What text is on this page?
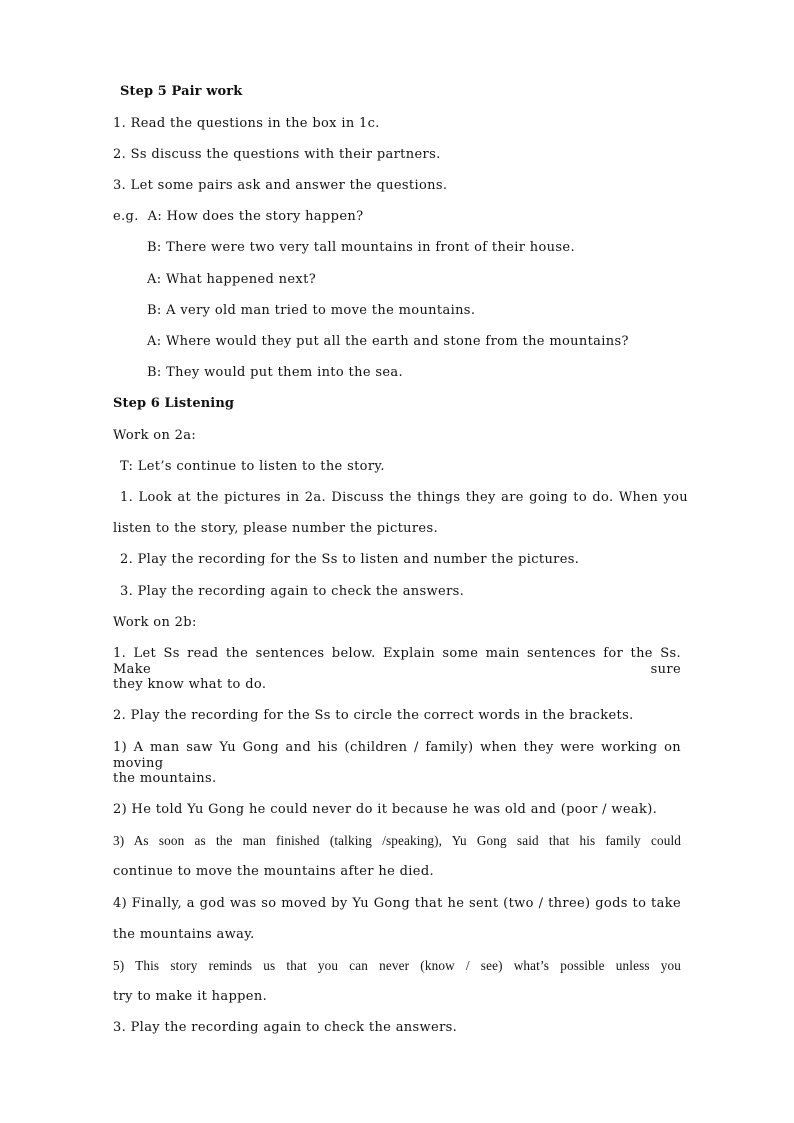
Step 5 Pair work
1. Read the questions in the box in 1c.
2. Ss discuss the questions with their partners.
3. Let some pairs ask and answer the questions.
e.g.  A: How does the story happen?
B: There were two very tall mountains in front of their house.
A: What happened next?
B: A very old man tried to move the mountains.
A: Where would they put all the earth and stone from the mountains?
B: They would put them into the sea.
Step 6 Listening
Work on 2a:
T: Let’s continue to listen to the story.
1. Look at the pictures in 2a. Discuss the things they are going to do. When you
listen to the story, please number the pictures.
2. Play the recording for the Ss to listen and number the pictures.
3. Play the recording again to check the answers.
Work on 2b:
1. Let Ss read the sentences below. Explain some main sentences for the Ss. Make sure
they know what to do.
2. Play the recording for the Ss to circle the correct words in the brackets.
1) A man saw Yu Gong and his (children / family) when they were working on moving
the mountains.
2) He told Yu Gong he could never do it because he was old and (poor / weak).
3) As soon as the man finished (talking /speaking), Yu Gong said that his family could
continue to move the mountains after he died.
4) Finally, a god was so moved by Yu Gong that he sent (two / three) gods to take
the mountains away.
5) This story reminds us that you can never (know / see) what’s possible unless you
try to make it happen.
3. Play the recording again to check the answers.
